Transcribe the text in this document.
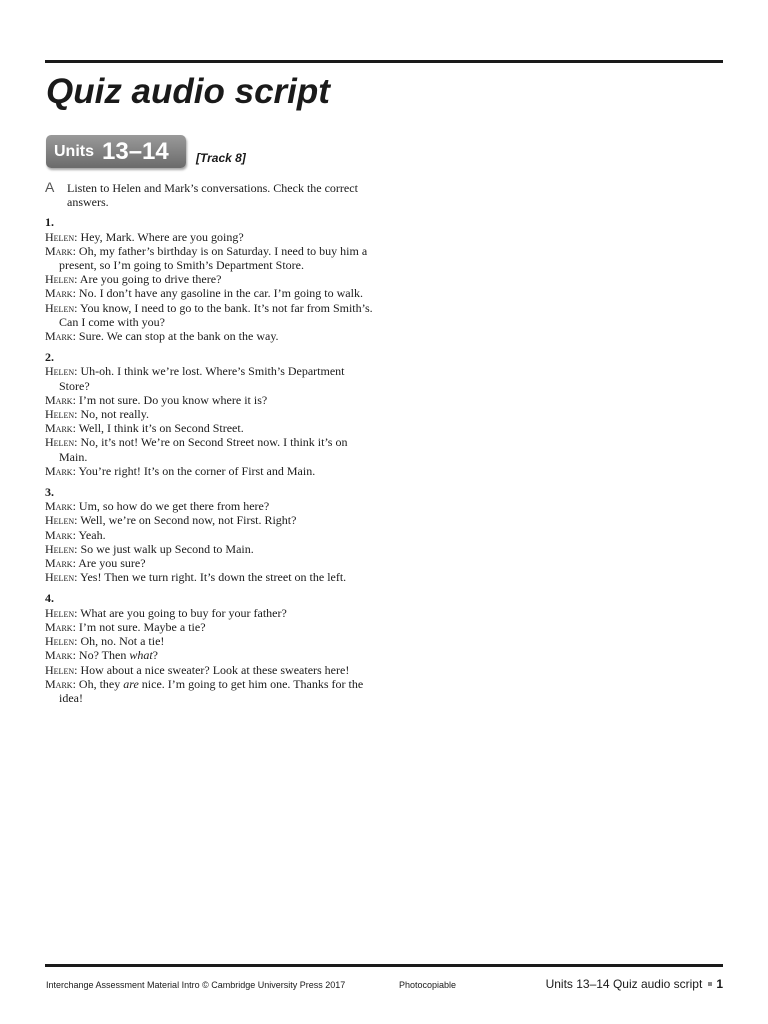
Quiz audio script
Units 13–14 [Track 8]
A Listen to Helen and Mark’s conversations. Check the correct answers.
1.
Helen: Hey, Mark. Where are you going?
Mark: Oh, my father’s birthday is on Saturday. I need to buy him a present, so I’m going to Smith’s Department Store.
Helen: Are you going to drive there?
Mark: No. I don’t have any gasoline in the car. I’m going to walk.
Helen: You know, I need to go to the bank. It’s not far from Smith’s. Can I come with you?
Mark: Sure. We can stop at the bank on the way.
2.
Helen: Uh-oh. I think we’re lost. Where’s Smith’s Department Store?
Mark: I’m not sure. Do you know where it is?
Helen: No, not really.
Mark: Well, I think it’s on Second Street.
Helen: No, it’s not! We’re on Second Street now. I think it’s on Main.
Mark: You’re right! It’s on the corner of First and Main.
3.
Mark: Um, so how do we get there from here?
Helen: Well, we’re on Second now, not First. Right?
Mark: Yeah.
Helen: So we just walk up Second to Main.
Mark: Are you sure?
Helen: Yes! Then we turn right. It’s down the street on the left.
4.
Helen: What are you going to buy for your father?
Mark: I’m not sure. Maybe a tie?
Helen: Oh, no. Not a tie!
Mark: No? Then what?
Helen: How about a nice sweater? Look at these sweaters here!
Mark: Oh, they are nice. I’m going to get him one. Thanks for the idea!
Interchange Assessment Material Intro © Cambridge University Press 2017	Photocopiable	Units 13–14 Quiz audio script 1
